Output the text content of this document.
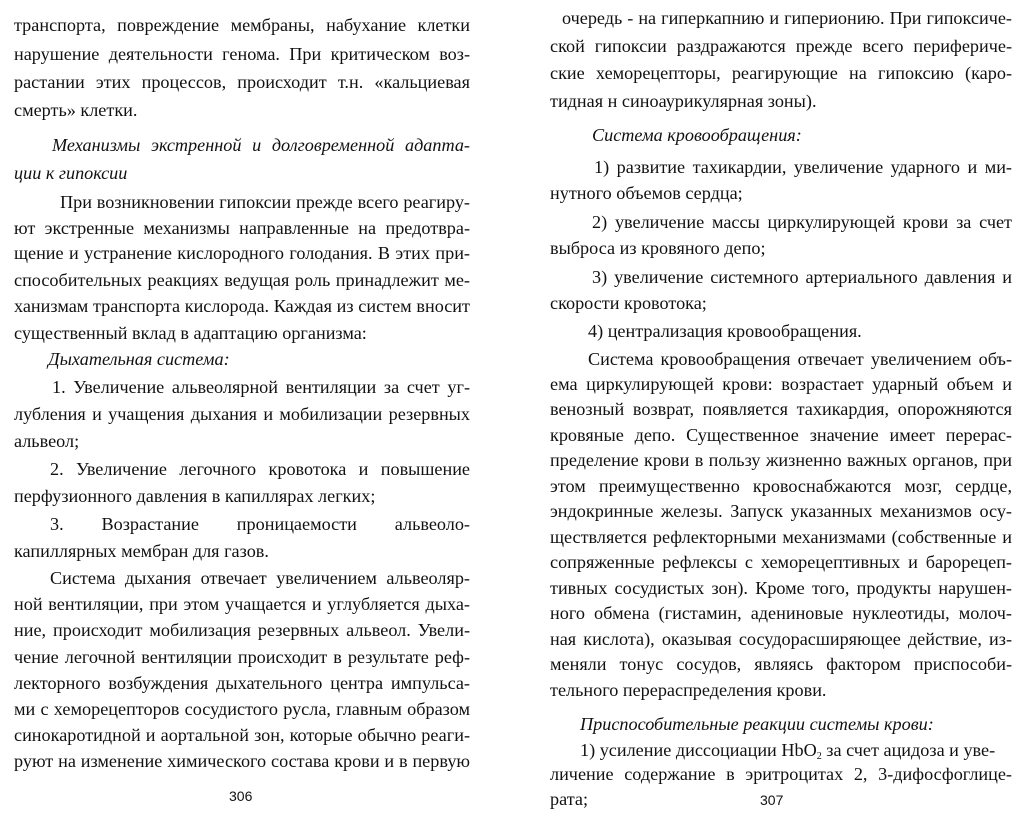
транспорта, повреждение мембраны, набухание клетки
нарушение деятельности генома. При критическом воз-
растании этих процессов, происходит т.н. «кальциевая
смерть» клетки.
Механизмы экстренной и долговременной адапта-
ции к гипоксии
При возникновении гипоксии прежде всего реагиру-
ют экстренные механизмы направленные на предотвра-
щение и устранение кислородного голодания. В этих при-
способительных реакциях ведущая роль принадлежит ме-
ханизмам транспорта кислорода. Каждая из систем вносит
существенный вклад в адаптацию организма:
Дыхательная система:
1. Увеличение альвеолярной вентиляции за счет уг-
лубления и учащения дыхания и мобилизации резервных
альвеол;
2. Увеличение легочного кровотока и повышение
перфузионного давления в капиллярах легких;
3. Возрастание проницаемости альвеоло-
капиллярных мембран для газов.
Система дыхания отвечает увеличением альвеоляр-
ной вентиляции, при этом учащается и углубляется дыха-
ние, происходит мобилизация резервных альвеол. Увели-
чение легочной вентиляции происходит в результате реф-
лекторного возбуждения дыхательного центра импульса-
ми с хеморецепторов сосудистого русла, главным образом
синокаротидной и аортальной зон, которые обычно реаги-
руют на изменение химического состава крови и в первую
306
очередь - на гиперкапнию и гиперионию. При гипоксиче-
ской гипоксии раздражаются прежде всего периферичe-
ские хеморецепторы, реагирующие на гипоксию (каро-
тидная н синоаурикулярная зоны).
Система кровообращения:
1) развитие тахикардии, увеличение ударного и ми-
нутного объемов сердца;
2) увеличение массы циркулирующей крови за счет
выброса из кровяного депо;
3) увеличение системного артериального давления и
скорости кровотока;
4) централизация кровообращения.
Система кровообращения отвечает увеличением объ-
ема циркулирующей крови: возрастает ударный объем и
венозный возврат, появляется тахикардия, опорожняются
кровяные депо. Существенное значение имеет перерас-
пределение крови в пользу жизненно важных органов, при
этом преимущественно кровоснабжаются мозг, сердце,
эндокринные железы. Запуск указанных механизмов осу-
ществляется рефлекторными механизмами (собственные и
сопряженные рефлексы с хеморецептивных и барорецеп-
тивных сосудистых зон). Кроме того, продукты нарушен-
ного обмена (гистамин, адениновые нуклеотиды, молоч-
ная кислота), оказывая сосудорасширяющее действие, из-
меняли тонус сосудов, являясь фактором приспособи-
тельного перераспределения крови.
Приспособительные реакции системы крови:
1) усиление диссоциации HbO$_2$ за счет ацидоза и уве-
личение содержание в эритроцитах 2, 3-дифосфоглице-
рата;	307
